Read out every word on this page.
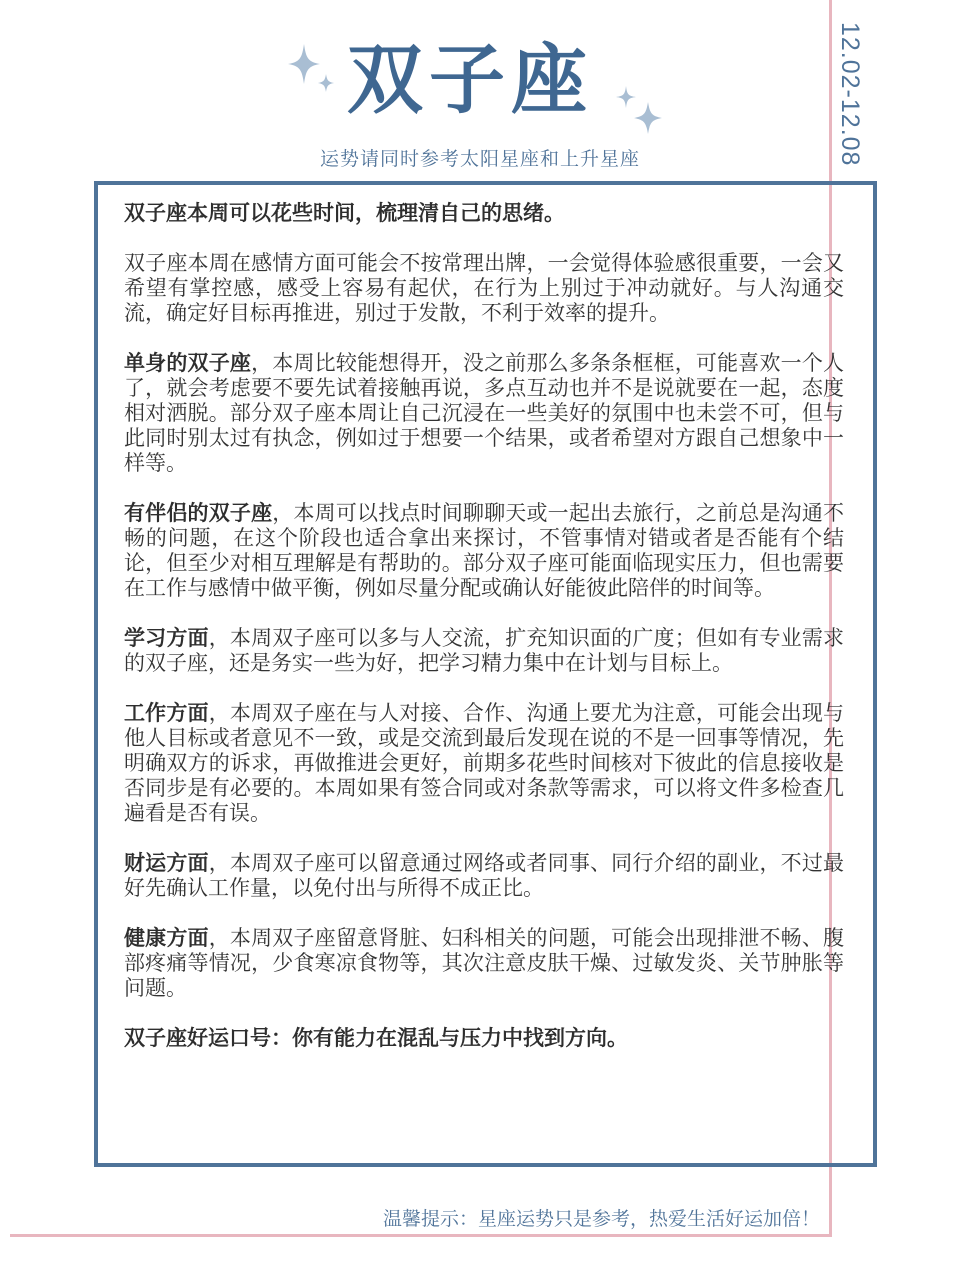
12.02-12.08
双子座
运势请同时参考太阳星座和上升星座

双子座本周可以花些时间，梳理清自己的思绪。

双子座本周在感情方面可能会不按常理出牌，一会觉得体验感很重要，一会又希望有掌控感，感受上容易有起伏，在行为上别过于冲动就好。与人沟通交流，确定好目标再推进，别过于发散，不利于效率的提升。

单身的双子座，本周比较能想得开，没之前那么多条条框框，可能喜欢一个人了，就会考虑要不要先试着接触再说，多点互动也并不是说就要在一起，态度相对洒脱。部分双子座本周让自己沉浸在一些美好的氛围中也未尝不可，但与此同时别太过有执念，例如过于想要一个结果，或者希望对方跟自己想象中一样等。

有伴侣的双子座，本周可以找点时间聊聊天或一起出去旅行，之前总是沟通不畅的问题，在这个阶段也适合拿出来探讨，不管事情对错或者是否能有个结论，但至少对相互理解是有帮助的。部分双子座可能面临现实压力，但也需要在工作与感情中做平衡，例如尽量分配或确认好能彼此陪伴的时间等。

学习方面，本周双子座可以多与人交流，扩充知识面的广度；但如有专业需求的双子座，还是务实一些为好，把学习精力集中在计划与目标上。

工作方面，本周双子座在与人对接、合作、沟通上要尤为注意，可能会出现与他人目标或者意见不一致，或是交流到最后发现在说的不是一回事等情况，先明确双方的诉求，再做推进会更好，前期多花些时间核对下彼此的信息接收是否同步是有必要的。本周如果有签合同或对条款等需求，可以将文件多检查几遍看是否有误。

财运方面，本周双子座可以留意通过网络或者同事、同行介绍的副业，不过最好先确认工作量，以免付出与所得不成正比。

健康方面，本周双子座留意肾脏、妇科相关的问题，可能会出现排泄不畅、腹部疼痛等情况，少食寒凉食物等，其次注意皮肤干燥、过敏发炎、关节肿胀等问题。

双子座好运口号：你有能力在混乱与压力中找到方向。

温馨提示：星座运势只是参考，热爱生活好运加倍！
